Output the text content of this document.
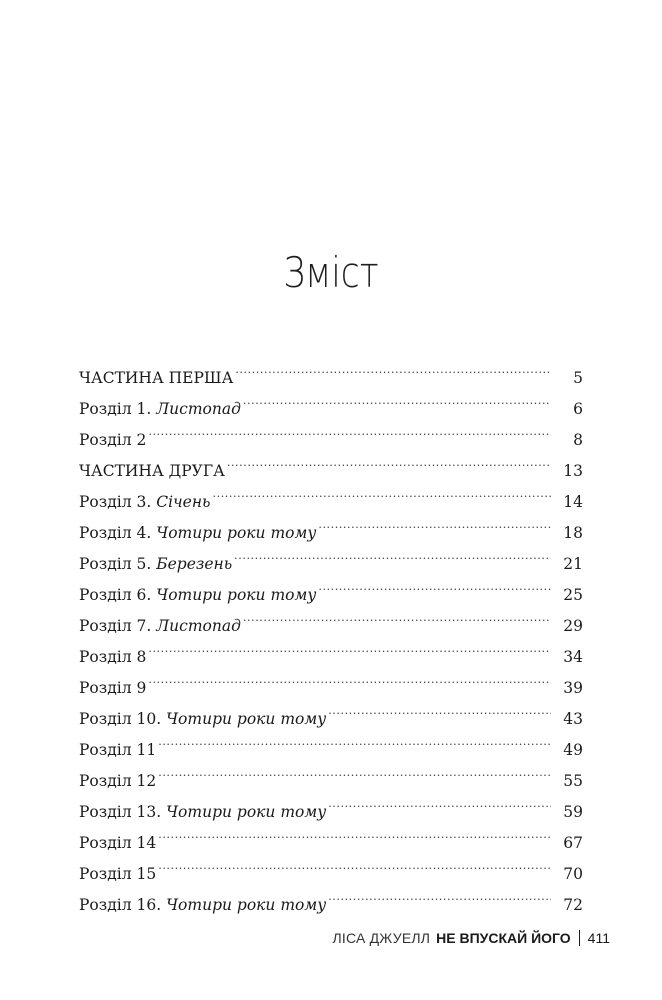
Зміст
ЧАСТИНА ПЕРША .....	5
Розділ 1. Листопад .....	6
Розділ 2 .....	8
ЧАСТИНА ДРУГА .....	13
Розділ 3. Січень .....	14
Розділ 4. Чотири роки тому .....	18
Розділ 5. Березень .....	21
Розділ 6. Чотири роки тому .....	25
Розділ 7. Листопад .....	29
Розділ 8 .....	34
Розділ 9 .....	39
Розділ 10. Чотири роки тому .....	43
Розділ 11 .....	49
Розділ 12 .....	55
Розділ 13. Чотири роки тому .....	59
Розділ 14 .....	67
Розділ 15 .....	70
Розділ 16. Чотири роки тому .....	72
ЛІСА ДЖУЕЛЛ НЕ ВПУСКАЙ ЙОГО 411
